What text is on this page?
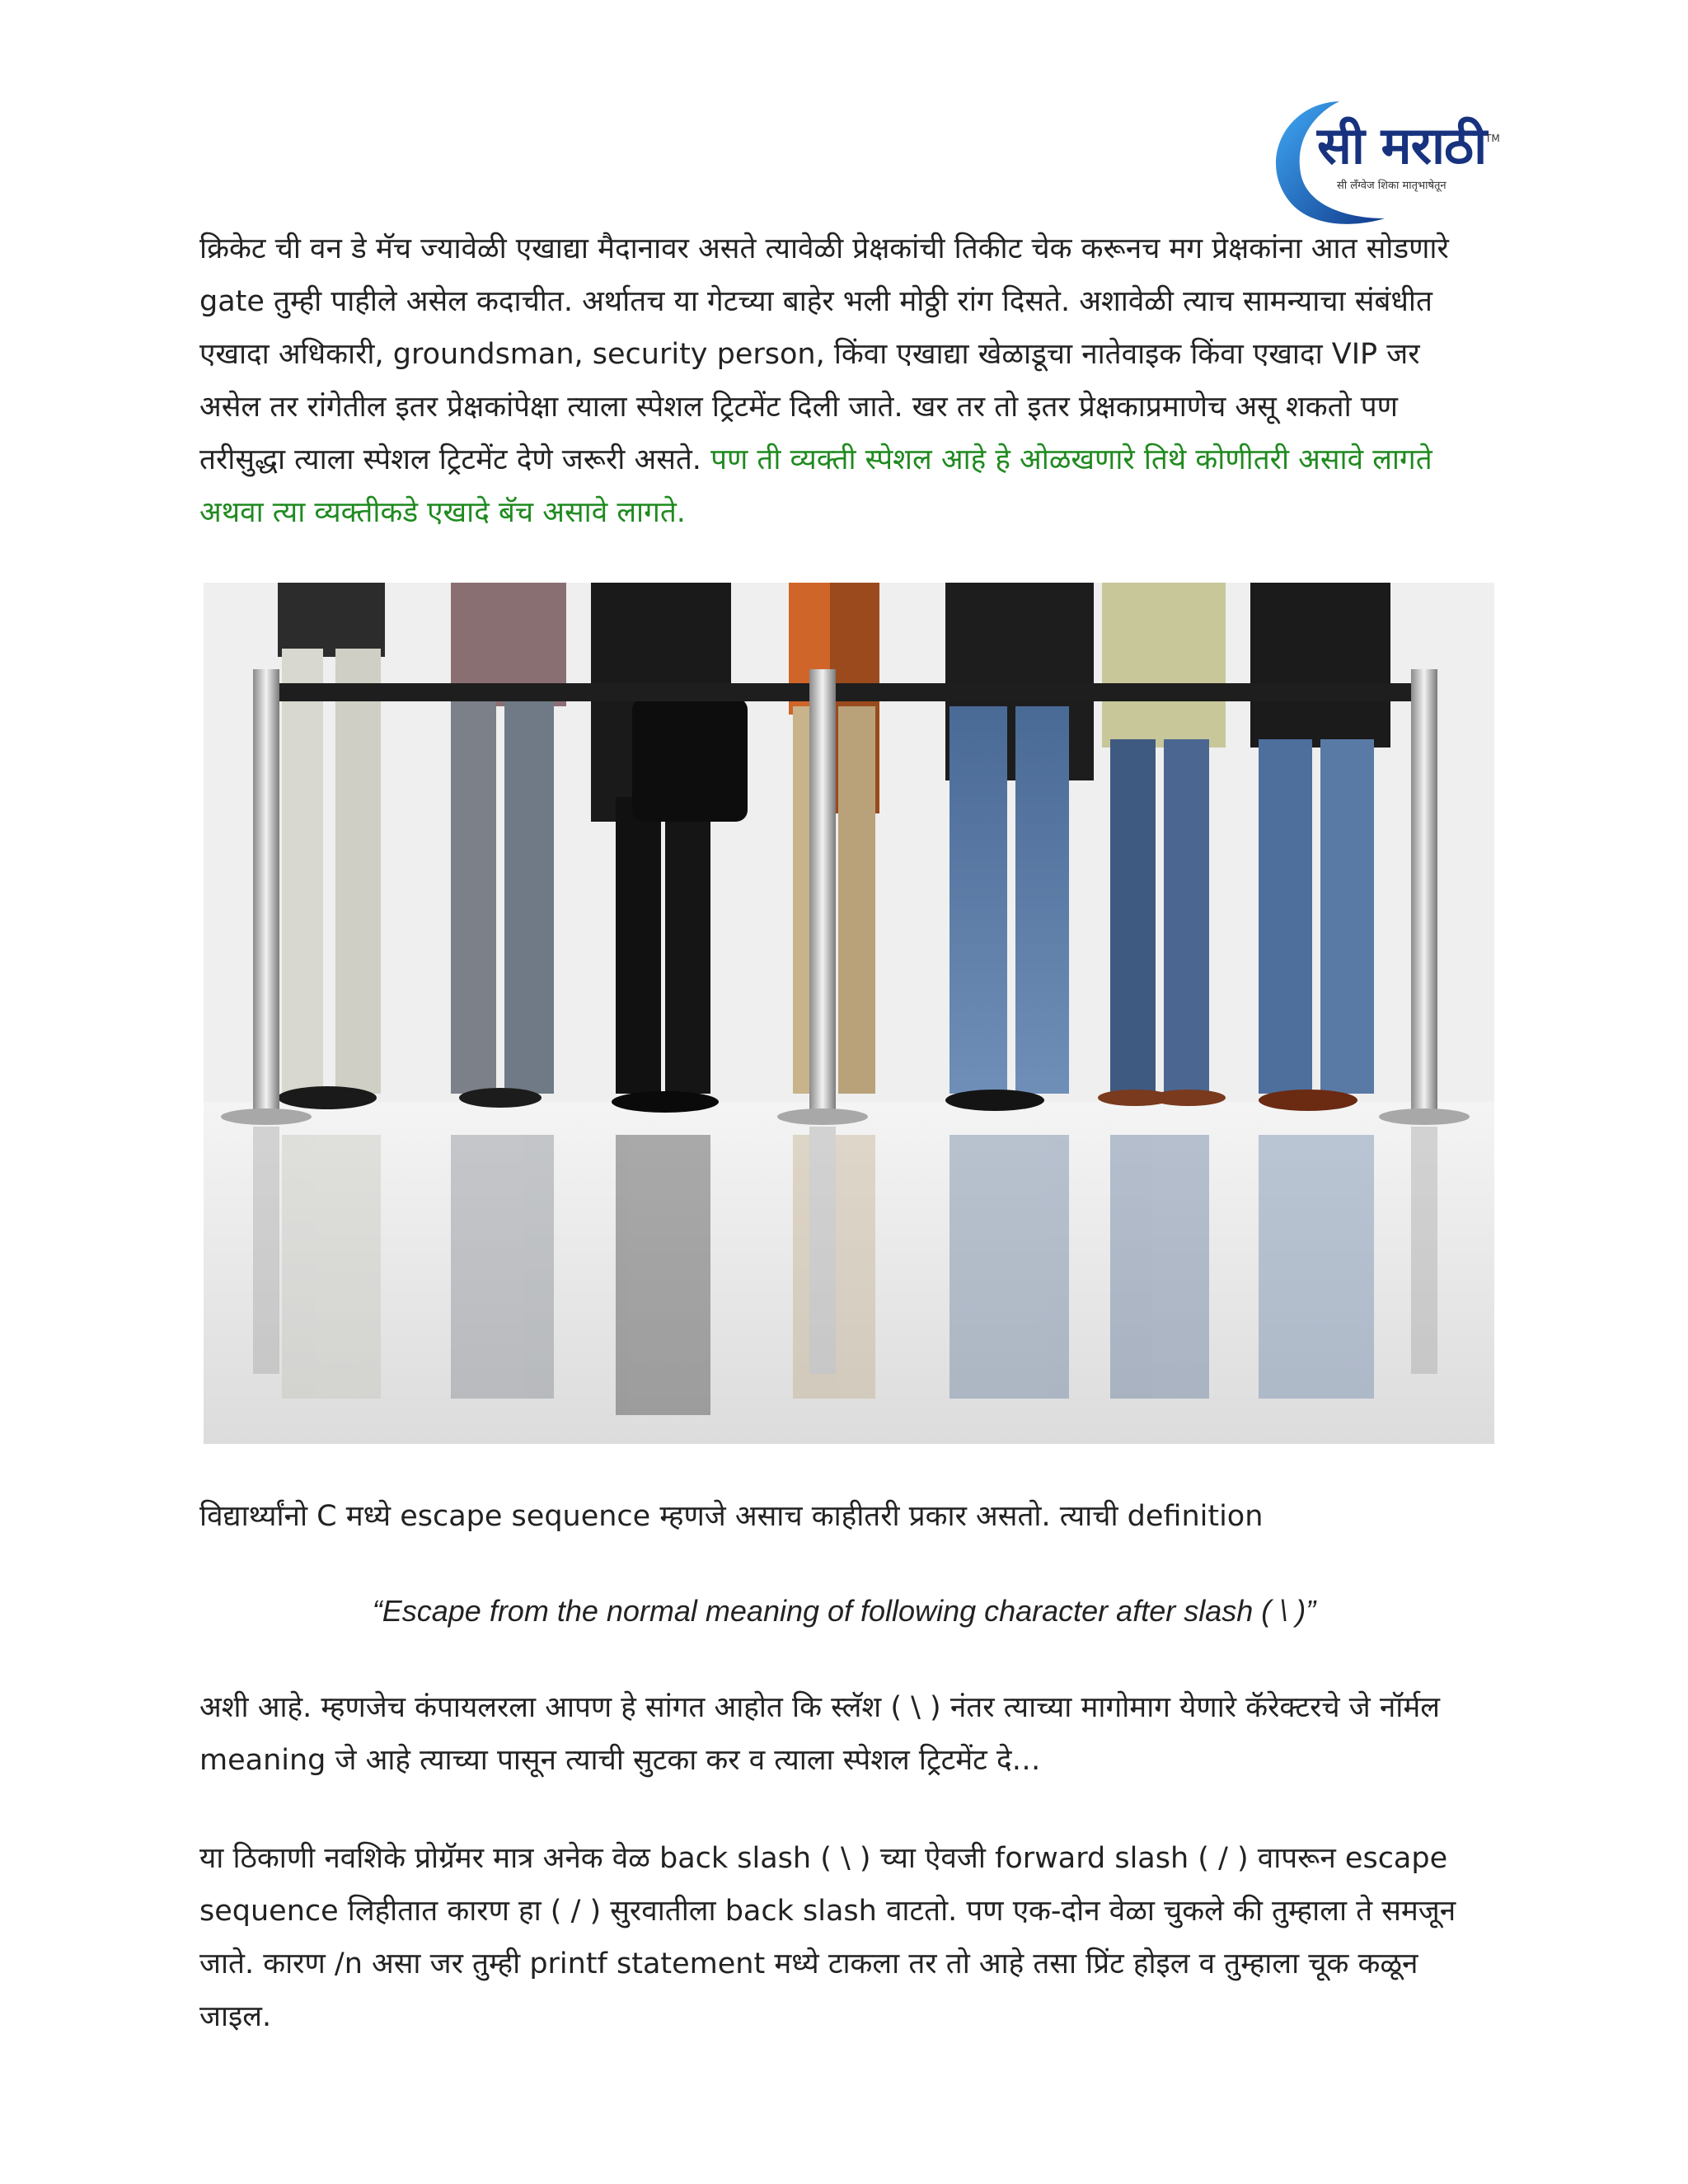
सी मराठी
TM
सी लँग्वेज शिका मातृभाषेतून

क्रिकेट ची वन डे मॅच ज्यावेळी एखाद्या मैदानावर असते त्यावेळी प्रेक्षकांची तिकीट चेक करूनच मग प्रेक्षकांना आत सोडणारे gate तुम्ही पाहीले असेल कदाचीत. अर्थातच या गेटच्या बाहेर भली मोठ्ठी रांग दिसते. अशावेळी त्याच सामन्याचा संबंधीत एखादा अधिकारी, groundsman, security person, किंवा एखाद्या खेळाडूचा नातेवाइक किंवा एखादा VIP जर असेल तर रांगेतील इतर प्रेक्षकांपेक्षा त्याला स्पेशल ट्रिटमेंट दिली जाते. खर तर तो इतर प्रेक्षकाप्रमाणेच असू शकतो पण तरीसुद्धा त्याला स्पेशल ट्रिटमेंट देणे जरूरी असते. पण ती व्यक्ती स्पेशल आहे हे ओळखणारे तिथे कोणीतरी असावे लागते अथवा त्या व्यक्तीकडे एखादे बॅच असावे लागते.

विद्यार्थ्यांनो C मध्ये escape sequence म्हणजे असाच काहीतरी प्रकार असतो. त्याची definition

“Escape from the normal meaning of following character after slash ( \ )”

अशी आहे. म्हणजेच कंपायलरला आपण हे सांगत आहोत कि स्लॅश ( \ ) नंतर त्याच्या मागोमाग येणारे कॅरेक्टरचे जे नॉर्मल meaning जे आहे त्याच्या पासून त्याची सुटका कर व त्याला स्पेशल ट्रिटमेंट दे…

या ठिकाणी नवशिके प्रोग्रॅमर मात्र अनेक वेळ back slash ( \ ) च्या ऐवजी forward slash ( / ) वापरून escape sequence लिहीतात कारण हा ( / ) सुरवातीला back slash वाटतो. पण एक-दोन वेळा चुकले की तुम्हाला ते समजून जाते. कारण /n असा जर तुम्ही printf statement मध्ये टाकला तर तो आहे तसा प्रिंट होइल व तुम्हाला चूक कळून जाइल.
